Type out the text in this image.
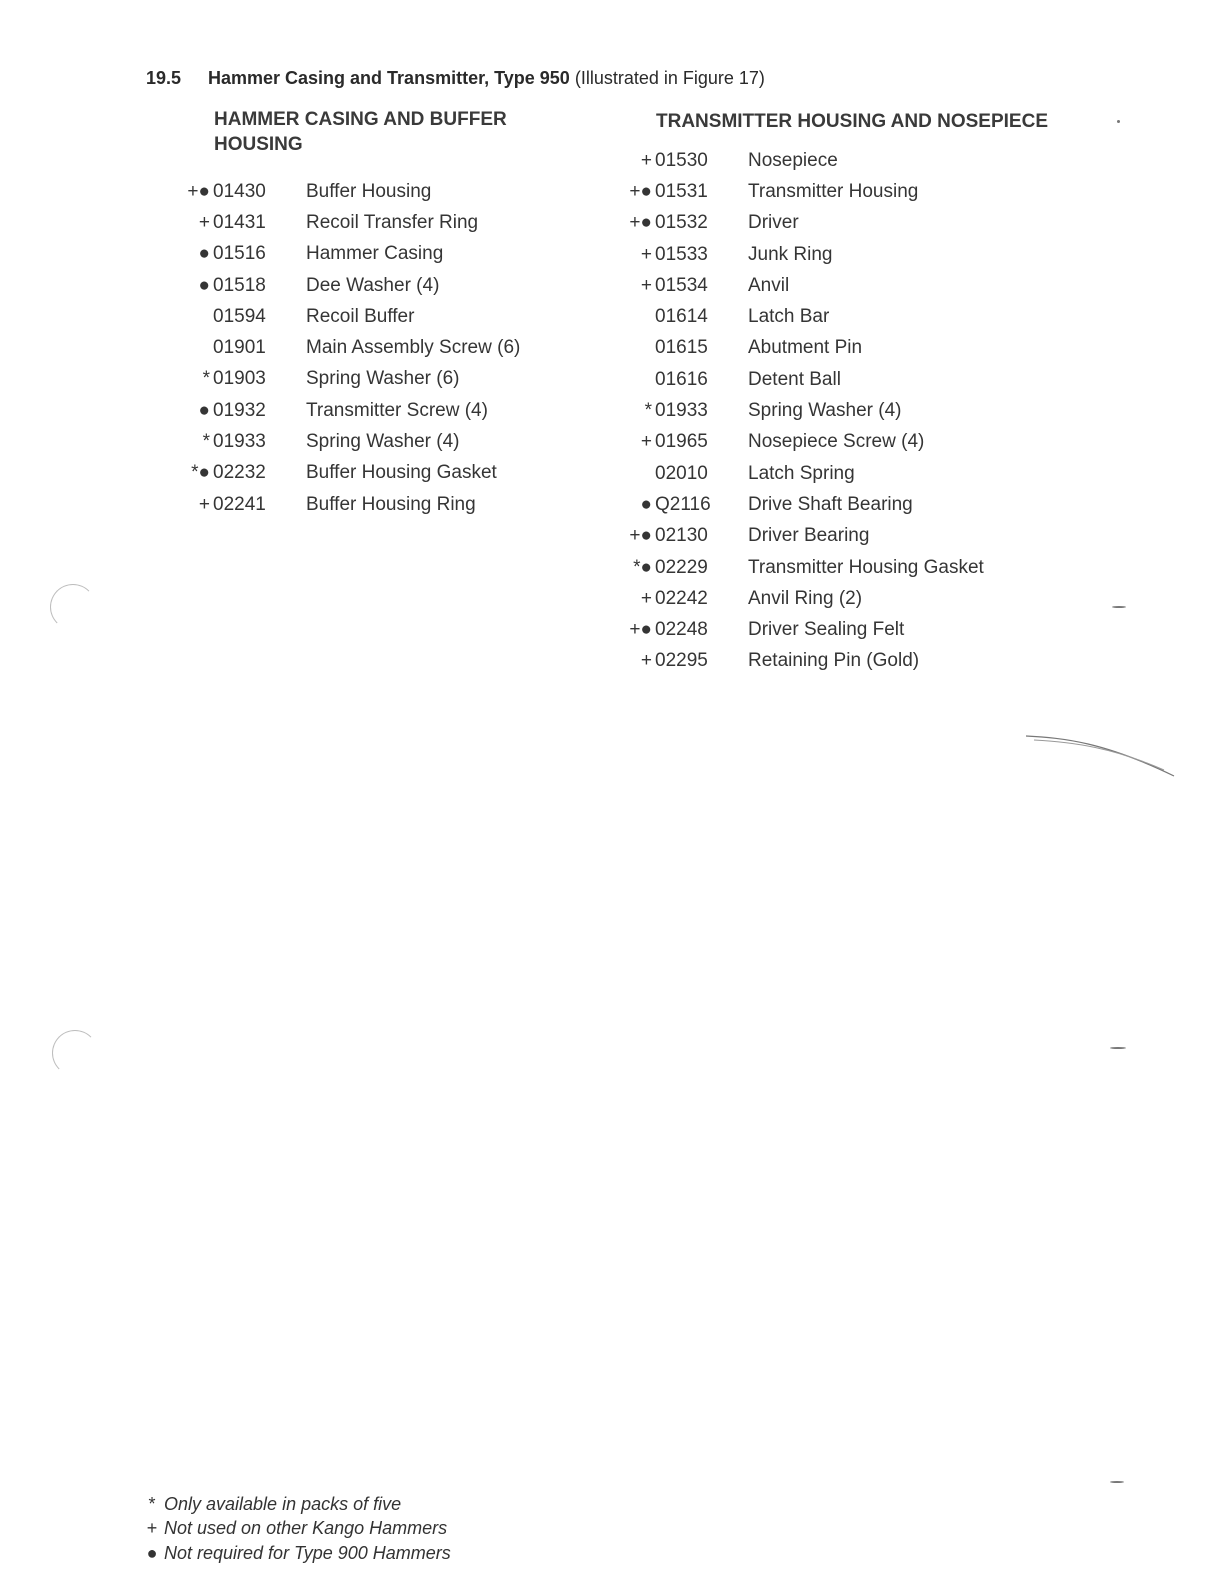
19.5 Hammer Casing and Transmitter, Type 950 (Illustrated in Figure 17)
HAMMER CASING AND BUFFER HOUSING
TRANSMITTER HOUSING AND NOSEPIECE
+● 01430	Buffer Housing
+ 01431	Recoil Transfer Ring
● 01516	Hammer Casing
● 01518	Dee Washer (4)
01594	Recoil Buffer
01901	Main Assembly Screw (6)
* 01903	Spring Washer (6)
● 01932	Transmitter Screw (4)
* 01933	Spring Washer (4)
*● 02232	Buffer Housing Gasket
+ 02241	Buffer Housing Ring
+ 01530	Nosepiece
+● 01531	Transmitter Housing
+● 01532	Driver
+ 01533	Junk Ring
+ 01534	Anvil
01614	Latch Bar
01615	Abutment Pin
01616	Detent Ball
* 01933	Spring Washer (4)
+ 01965	Nosepiece Screw (4)
02010	Latch Spring
● Q2116	Drive Shaft Bearing
+● 02130	Driver Bearing
*● 02229	Transmitter Housing Gasket
+ 02242	Anvil Ring (2)
+● 02248	Driver Sealing Felt
+ 02295	Retaining Pin (Gold)
* Only available in packs of five
+ Not used on other Kango Hammers
● Not required for Type 900 Hammers
